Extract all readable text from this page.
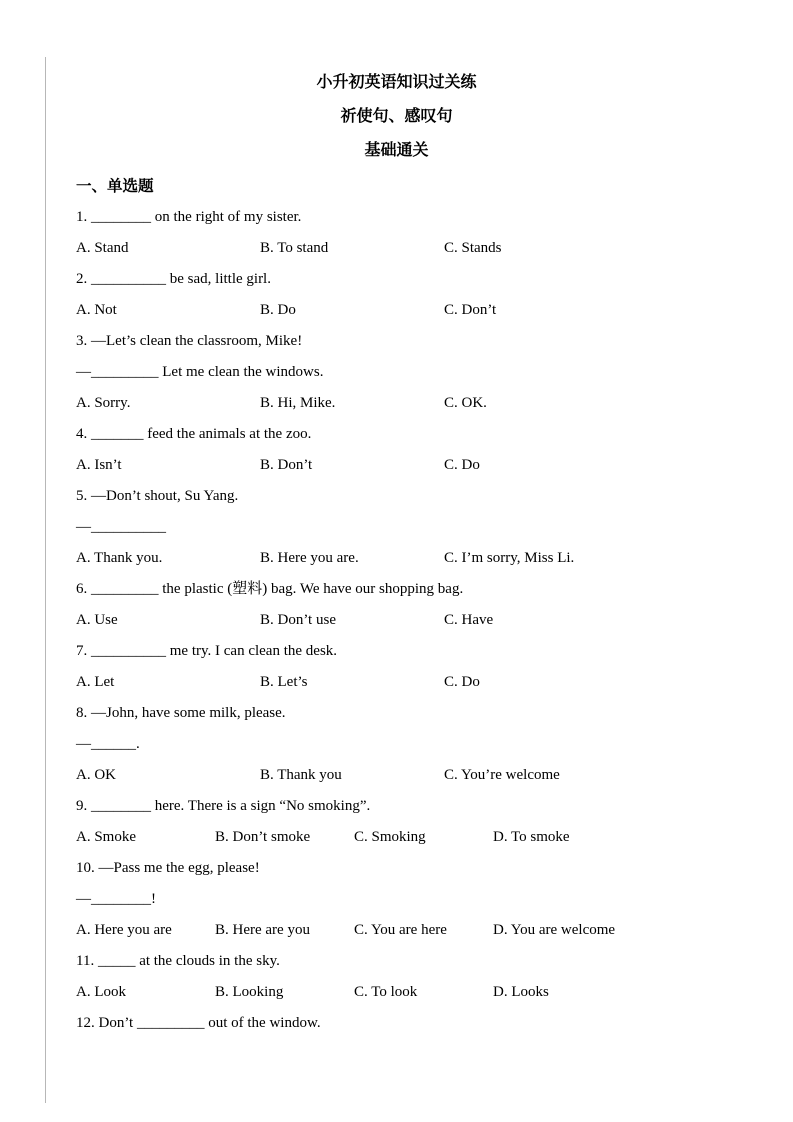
小升初英语知识过关练
祈使句、感叹句
基础通关
一、单选题
1. ________ on the right of my sister.
A. Stand	B. To stand	C. Stands
2. __________ be sad, little girl.
A. Not	B. Do	C. Don’t
3. —Let’s clean the classroom, Mike!
—_________ Let me clean the windows.
A. Sorry.	B. Hi, Mike.	C. OK.
4. _______ feed the animals at the zoo.
A. Isn’t	B. Don’t	C. Do
5. —Don’t shout, Su Yang.
—__________
A. Thank you.	B. Here you are.	C. I’m sorry, Miss Li.
6. _________ the plastic (塑料) bag. We have our shopping bag.
A. Use	B. Don’t use	C. Have
7. __________ me try. I can clean the desk.
A. Let	B. Let’s	C. Do
8. —John, have some milk, please.
—______.
A. OK	B. Thank you	C. You’re welcome
9. ________ here. There is a sign “No smoking”.
A. Smoke	B. Don’t smoke	C. Smoking	D. To smoke
10. —Pass me the egg, please!
—________!
A. Here you are	B. Here are you	C. You are here	D. You are welcome
11. _____ at the clouds in the sky.
A. Look	B. Looking	C. To look	D. Looks
12. Don’t _________ out of the window.
